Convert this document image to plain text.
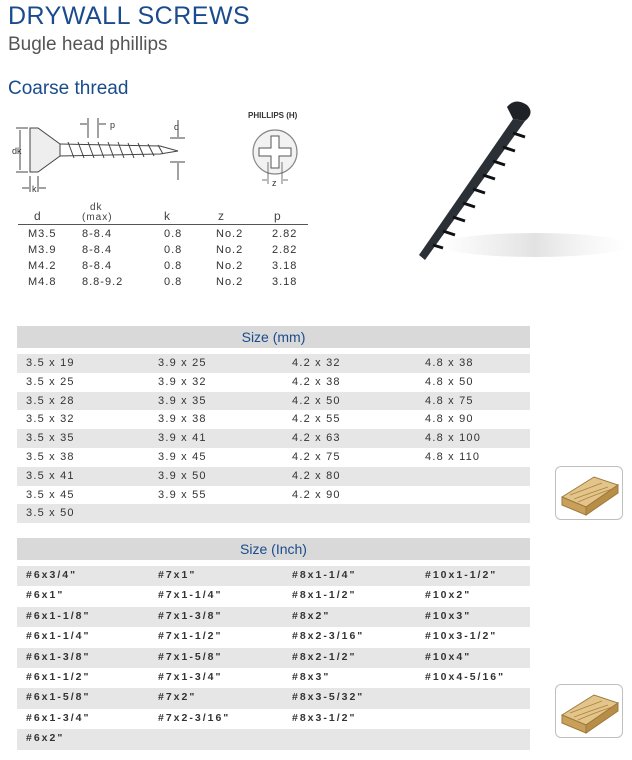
DRYWALL SCREWS
Bugle head phillips
Coarse thread
dk
k
p	d
PHILLIPS (H)
z
d
dk
(max)	k	z	p
M3.5 8-8.4	0.8	No.2	2.82
M3.9 8-8.4	0.8	No.2	2.82
M4.2 8-8.4	0.8	No.2	3.18
M4.8 8.8-9.2	0.8	No.2	3.18
Size (mm)
3.5 x 19	3.9 x 25	4.2 x 32	4.8 x 38
3.5 x 25	3.9 x 32	4.2 x 38	4.8 x 50
3.5 x 28	3.9 x 35	4.2 x 50	4.8 x 75
3.5 x 32	3.9 x 38	4.2 x 55	4.8 x 90
3.5 x 35	3.9 x 41	4.2 x 63	4.8 x 100
3.5 x 38	3.9 x 45	4.2 x 75	4.8 x 110
3.5 x 41	3.9 x 50	4.2 x 80
3.5 x 45	3.9 x 55	4.2 x 90
3.5 x 50
Size (Inch)
#6x3/4"	#7x1"	#8x1-1/4"	#10x1-1/2"
#6x1"	#7x1-1/4"	#8x1-1/2"	#10x2"
#6x1-1/8"	#7x1-3/8"	#8x2"	#10x3"
#6x1-1/4"	#7x1-1/2"	#8x2-3/16"	#10x3-1/2"
#6x1-3/8"	#7x1-5/8"	#8x2-1/2"	#10x4"
#6x1-1/2"	#7x1-3/4"	#8x3"	#10x4-5/16"
#6x1-5/8"	#7x2"	#8x3-5/32"
#6x1-3/4"	#7x2-3/16"	#8x3-1/2"
#6x2"
